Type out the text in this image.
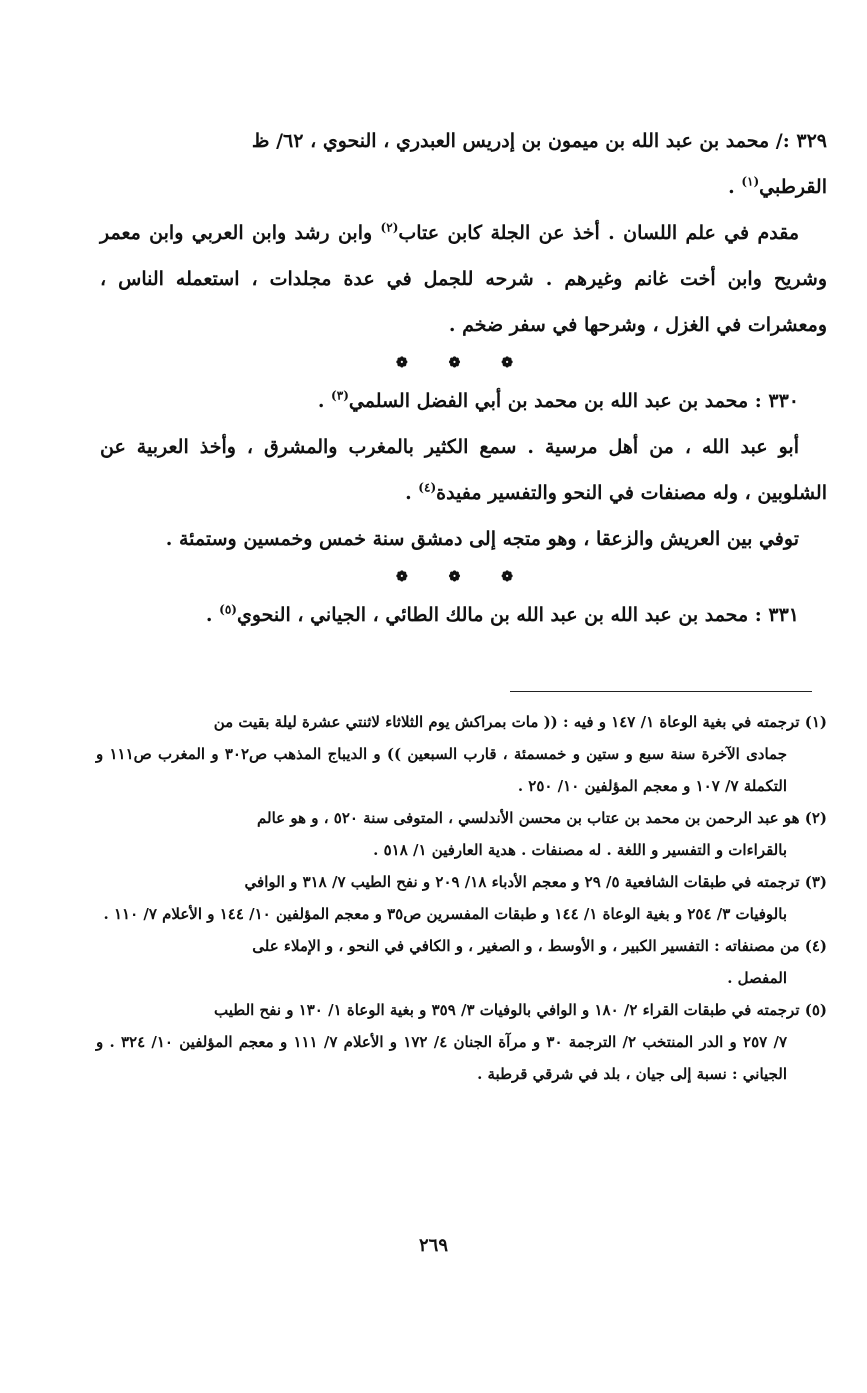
٣٢٩ :/ محمد بن عبد الله بن ميمون بن إدريس العبدري ، النحوي ، ٦٢/ ظ
القرطبي$^{(١)}$ .

مقدم في علم اللسان . أخذ عن الجلة كابن عتاب$^{(٢)}$ وابن رشد وابن العربي وابن معمر وشريح وابن أخت غانم وغيرهم . شرحه للجمل في عدة مجلدات ، استعمله الناس ، ومعشرات في الغزل ، وشرحها في سفر ضخم .

❁ ❁ ❁

٣٣٠ : محمد بن عبد الله بن محمد بن أبي الفضل السلمي$^{(٣)}$ .

أبو عبد الله ، من أهل مرسية . سمع الكثير بالمغرب والمشرق ، وأخذ العربية عن الشلوبين ، وله مصنفات في النحو والتفسير مفيدة$^{(٤)}$ .

توفي بين العريش والزعقا ، وهو متجه إلى دمشق سنة خمس وخمسين وستمئة .

❁ ❁ ❁

٣٣١ : محمد بن عبد الله بن عبد الله بن مالك الطائي ، الجياني ، النحوي$^{(٥)}$ .

(١) ترجمته في بغية الوعاة ١/ ١٤٧ و فيه : (( مات بمراكش يوم الثلاثاء لاثنتي عشرة ليلة بقيت من
جمادى الآخرة سنة سبع و ستين و خمسمئة ، قارب السبعين )) و الديباج المذهب ص٣٠٢ و المغرب ص١١١ و التكملة ٧/ ١٠٧ و معجم المؤلفين ١٠/ ٢٥٠ .

(٢) هو عبد الرحمن بن محمد بن عتاب بن محسن الأندلسي ، المتوفى سنة ٥٢٠ ، و هو عالم
بالقراءات و التفسير و اللغة . له مصنفات . هدية العارفين ١/ ٥١٨ .

(٣) ترجمته في طبقات الشافعية ٥/ ٢٩ و معجم الأدباء ١٨/ ٢٠٩ و نفح الطيب ٧/ ٣١٨ و الوافي
بالوفيات ٣/ ٢٥٤ و بغية الوعاة ١/ ١٤٤ و طبقات المفسرين ص٣٥ و معجم المؤلفين ١٠/ ١٤٤ و الأعلام ٧/ ١١٠ .

(٤) من مصنفاته : التفسير الكبير ، و الأوسط ، و الصغير ، و الكافي في النحو ، و الإملاء على
المفصل .

(٥) ترجمته في طبقات القراء ٢/ ١٨٠ و الوافي بالوفيات ٣/ ٣٥٩ و بغية الوعاة ١/ ١٣٠ و نفح الطيب
٧/ ٢٥٧ و الدر المنتخب ٢/ الترجمة ٣٠ و مرآة الجنان ٤/ ١٧٢ و الأعلام ٧/ ١١١ و معجم المؤلفين ١٠/ ٣٢٤ . و الجياني : نسبة إلى جيان ، بلد في شرقي قرطبة .

٢٦٩
